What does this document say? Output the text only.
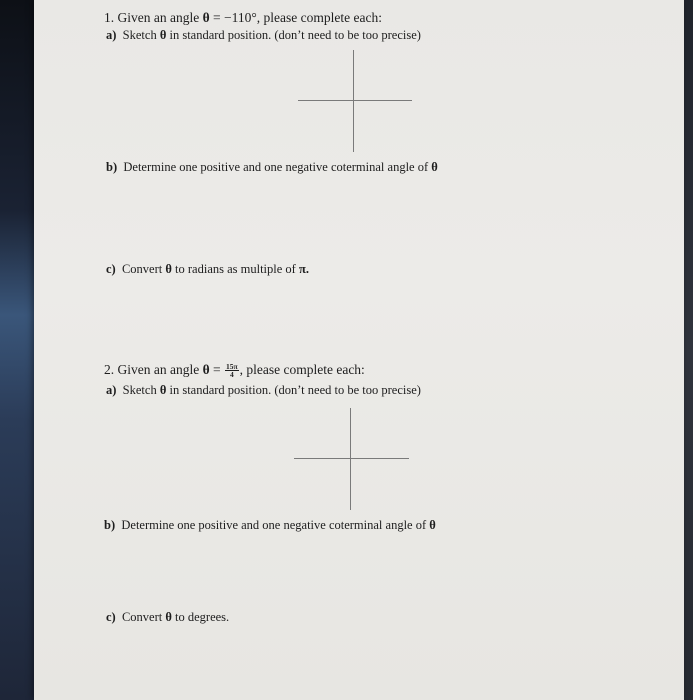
1. Given an angle θ = −110°, please complete each:
a) Sketch θ in standard position. (don’t need to be too precise)
b) Determine one positive and one negative coterminal angle of θ
c) Convert θ to radians as multiple of π.
2. Given an angle $\theta = \frac{15\pi}{4}$ , please complete each:
a) Sketch θ in standard position. (don’t need to be too precise)
b) Determine one positive and one negative coterminal angle of θ
c) Convert θ to degrees.
